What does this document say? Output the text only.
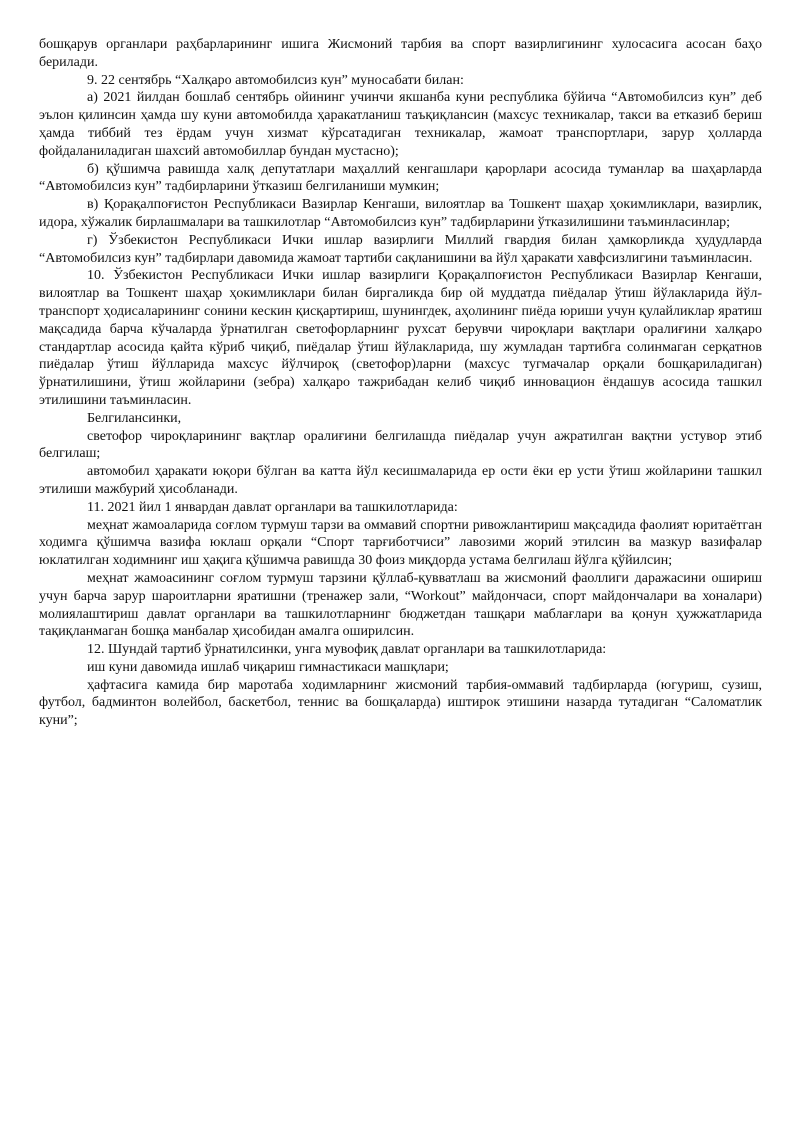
бошқарув органлари раҳбарларининг ишига Жисмоний тарбия ва спорт вазирлигининг хулосасига асосан баҳо берилади.

9. 22 сентябрь “Халқаро автомобилсиз кун” муносабати билан:

а) 2021 йилдан бошлаб сентябрь ойининг учинчи якшанба куни республика бўйича “Автомобилсиз кун” деб эълон қилинсин ҳамда шу куни автомобилда ҳаракатланиш таъқиқлансин (махсус техникалар, такси ва етказиб бериш ҳамда тиббий тез ёрдам учун хизмат кўрсатадиган техникалар, жамоат транспортлари, зарур ҳолларда фойдаланиладиган шахсий автомобиллар бундан мустасно);

б) қўшимча равишда халқ депутатлари маҳаллий кенгашлари қарорлари асосида туманлар ва шаҳарларда “Автомобилсиз кун” тадбирларини ўтказиш белгиланиши мумкин;

в) Қорақалпоғистон Республикаси Вазирлар Кенгаши, вилоятлар ва Тошкент шаҳар ҳокимликлари, вазирлик, идора, хўжалик бирлашмалари ва ташкилотлар “Автомобилсиз кун” тадбирларини ўтказилишини таъминласинлар;

г) Ўзбекистон Республикаси Ички ишлар вазирлиги Миллий гвардия билан ҳамкорликда ҳудудларда “Автомобилсиз кун” тадбирлари давомида жамоат тартиби сақланишини ва йўл ҳаракати хавфсизлигини таъминласин.

10. Ўзбекистон Республикаси Ички ишлар вазирлиги Қорақалпоғистон Республикаси Вазирлар Кенгаши, вилоятлар ва Тошкент шаҳар ҳокимликлари билан биргаликда бир ой муддатда пиёдалар ўтиш йўлакларида йўл-транспорт ҳодисаларининг сонини кескин қисқартириш, шунингдек, аҳолининг пиёда юриши учун қулайликлар яратиш мақсадида барча кўчаларда ўрнатилган светофорларнинг рухсат берувчи чироқлари вақтлари оралиғини халқаро стандартлар асосида қайта кўриб чиқиб, пиёдалар ўтиш йўлакларида, шу жумладан тартибга солинмаган серқатнов пиёдалар ўтиш йўлларида махсус йўлчироқ (светофор)ларни (махсус тугмачалар орқали бошқариладиган) ўрнатилишини, ўтиш жойларини (зебра) халқаро тажрибадан келиб чиқиб инновацион ёндашув асосида ташкил этилишини таъминласин.

Белгилансинки,

светофор чироқларининг вақтлар оралиғини белгилашда пиёдалар учун ажратилган вақтни устувор этиб белгилаш;

автомобил ҳаракати юқори бўлган ва катта йўл кесишмаларида ер ости ёки ер усти ўтиш жойларини ташкил этилиши мажбурий ҳисобланади.

11. 2021 йил 1 январдан давлат органлари ва ташкилотларида:

меҳнат жамоаларида соғлом турмуш тарзи ва оммавий спортни ривожлантириш мақсадида фаолият юритаётган ходимга қўшимча вазифа юклаш орқали “Спорт тарғиботчиси” лавозими жорий этилсин ва мазкур вазифалар юклатилган ходимнинг иш ҳақига қўшимча равишда 30 фоиз миқдорда устама белгилаш йўлга қўйилсин;

меҳнат жамоасининг соғлом турмуш тарзини қўллаб-қувватлаш ва жисмоний фаоллиги даражасини ошириш учун барча зарур шароитларни яратишни (тренажер зали, “Workout” майдончаси, спорт майдончалари ва хоналари) молиялаштириш давлат органлари ва ташкилотларнинг бюджетдан ташқари маблағлари ва қонун ҳужжатларида тақиқланмаган бошқа манбалар ҳисобидан амалга оширилсин.

12. Шундай тартиб ўрнатилсинки, унга мувофиқ давлат органлари ва ташкилотларида:

иш куни давомида ишлаб чиқариш гимнастикаси машқлари;

ҳафтасига камида бир маротаба ходимларнинг жисмоний тарбия-оммавий тадбирларда (югуриш, сузиш, футбол, бадминтон волейбол, баскетбол, теннис ва бошқаларда) иштирок этишини назарда тутадиган “Саломатлик куни”;
